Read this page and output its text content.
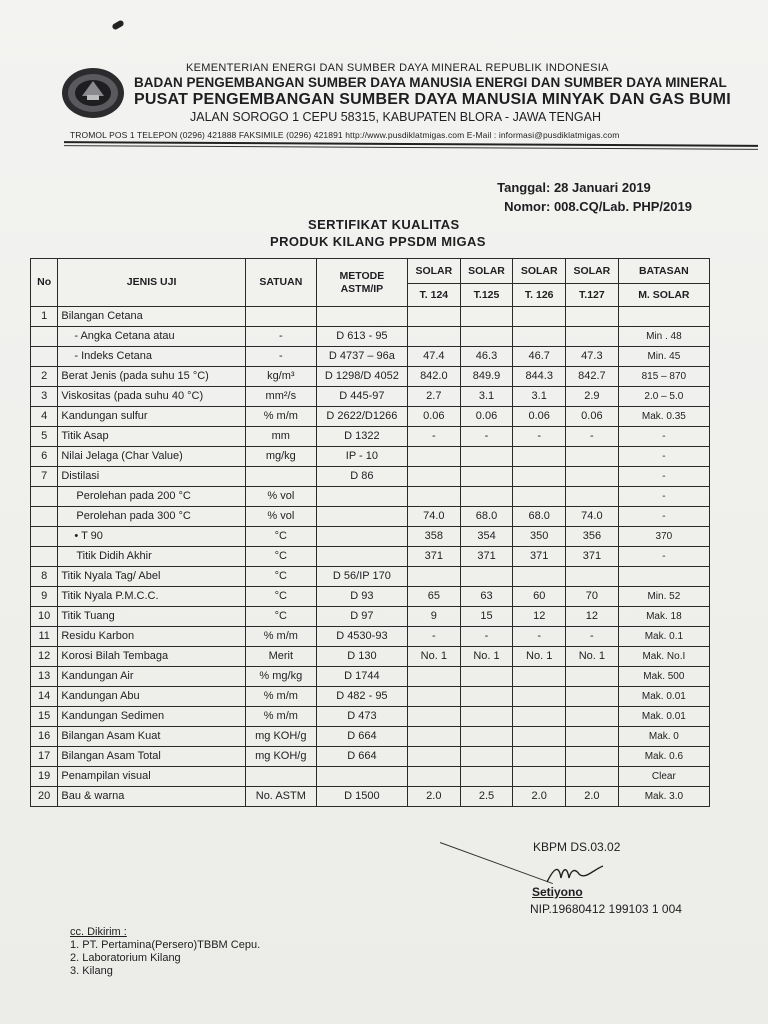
KEMENTERIAN ENERGI DAN SUMBER DAYA MINERAL REPUBLIK INDONESIA
BADAN PENGEMBANGAN SUMBER DAYA MANUSIA ENERGI DAN SUMBER DAYA MINERAL
PUSAT PENGEMBANGAN SUMBER DAYA MANUSIA MINYAK DAN GAS BUMI
JALAN SOROGO 1 CEPU 58315, KABUPATEN BLORA - JAWA TENGAH
TROMOL POS 1 TELEPON (0296) 421888 FAKSIMILE (0296) 421891 http://www.pusdiklatmigas.com E-Mail : informasi@pusdiklatmigas.com
Tanggal: 28 Januari 2019
Nomor: 008.CQ/Lab. PHP/2019
SERTIFIKAT KUALITAS
PRODUK KILANG PPSDM MIGAS
No	JENIS UJI	SATUAN	METODE ASTM/IP	SOLAR	SOLAR	SOLAR	SOLAR	BATASAN
				T. 124	T.125	T. 126	T.127	M. SOLAR
1	Bilangan Cetana							
	- Angka Cetana atau	-	D 613 - 95					Min . 48
	- Indeks Cetana	-	D 4737 – 96a	47.4	46.3	46.7	47.3	Min. 45
2	Berat Jenis (pada suhu 15 °C)	kg/m³	D 1298/D 4052	842.0	849.9	844.3	842.7	815 – 870
3	Viskositas (pada suhu 40 °C)	mm²/s	D 445-97	2.7	3.1	3.1	2.9	2.0 – 5.0
4	Kandungan sulfur	% m/m	D 2622/D1266	0.06	0.06	0.06	0.06	Mak. 0.35
5	Titik Asap	mm	D 1322	-	-	-	-	-
6	Nilai Jelaga (Char Value)	mg/kg	IP - 10					-
7	Distilasi		D 86					-
	Perolehan pada 200 °C	% vol						-
	Perolehan pada 300 °C	% vol		74.0	68.0	68.0	74.0	-
	• T 90	°C		358	354	350	356	370
	Titik Didih Akhir	°C		371	371	371	371	-
8	Titik Nyala Tag/ Abel	°C	D 56/IP 170					
9	Titik Nyala P.M.C.C.	°C	D 93	65	63	60	70	Min. 52
10	Titik Tuang	°C	D 97	9	15	12	12	Mak. 18
11	Residu Karbon	% m/m	D 4530-93	-	-	-	-	Mak. 0.1
12	Korosi Bilah Tembaga	Merit	D 130	No. 1	No. 1	No. 1	No. 1	Mak. No.I
13	Kandungan Air	% mg/kg	D 1744					Mak. 500
14	Kandungan Abu	% m/m	D 482 - 95					Mak. 0.01
15	Kandungan Sedimen	% m/m	D 473					Mak. 0.01
16	Bilangan Asam Kuat	mg KOH/g	D 664					Mak. 0
17	Bilangan Asam Total	mg KOH/g	D 664					Mak. 0.6
19	Penampilan visual							Clear
20	Bau & warna	No. ASTM	D 1500	2.0	2.5	2.0	2.0	Mak. 3.0
KBPM DS.03.02
Setiyono
NIP.19680412 199103 1 004
cc. Dikirim :
1. PT. Pertamina(Persero)TBBM Cepu.
2. Laboratorium Kilang
3. Kilang
